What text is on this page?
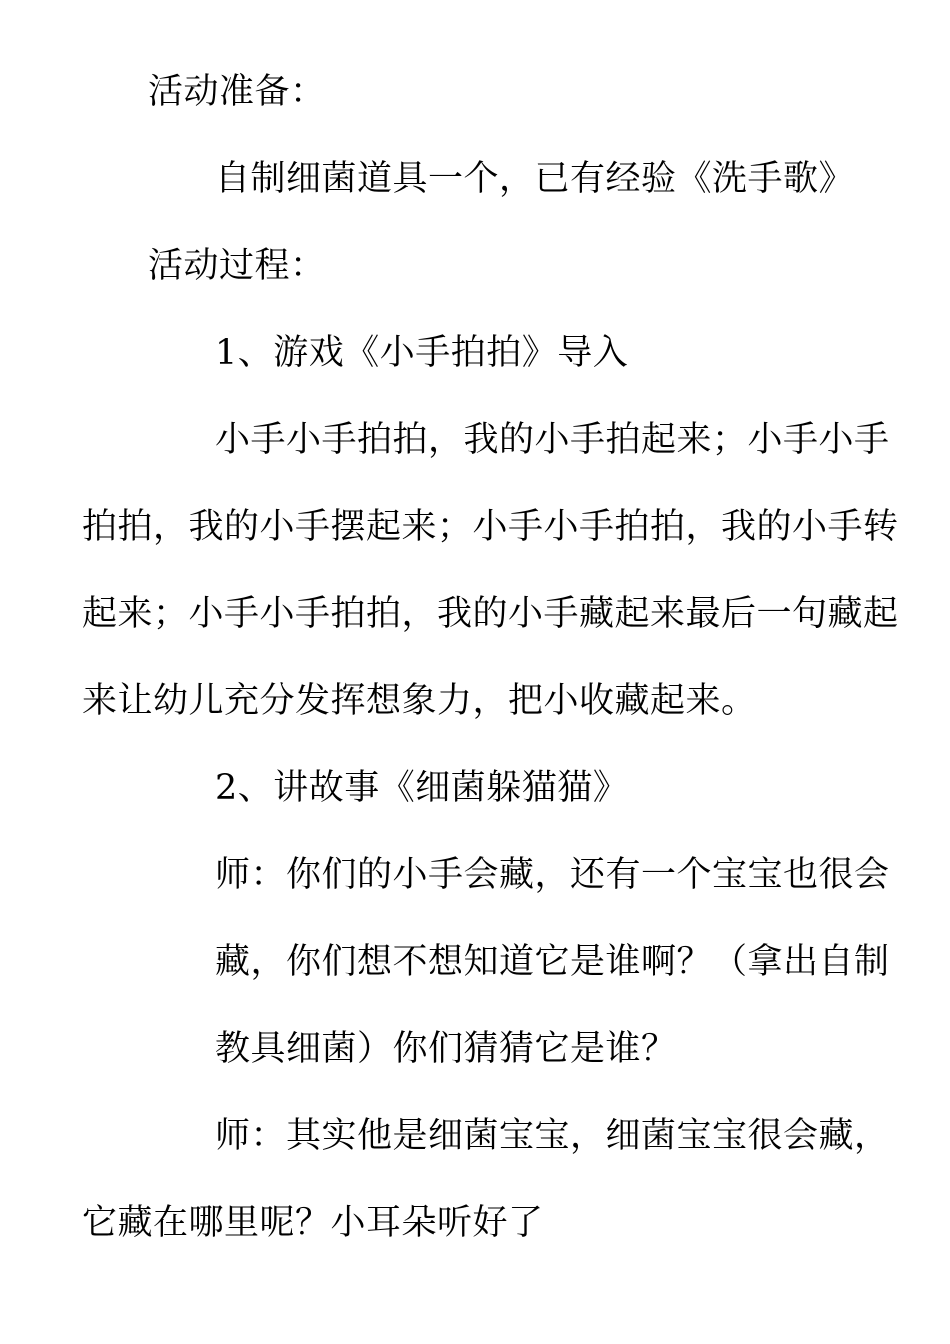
活动准备：
自制细菌道具一个，已有经验《洗手歌》
活动过程：
1、游戏《小手拍拍》导入
小手小手拍拍，我的小手拍起来；小手小手
拍拍，我的小手摆起来；小手小手拍拍，我的小手转
起来；小手小手拍拍，我的小手藏起来最后一句藏起
来让幼儿充分发挥想象力，把小收藏起来。
2、讲故事《细菌躲猫猫》
师：你们的小手会藏，还有一个宝宝也很会
藏，你们想不想知道它是谁啊？（拿出自制
教具细菌）你们猜猜它是谁？
师：其实他是细菌宝宝，细菌宝宝很会藏，
它藏在哪里呢？小耳朵听好了
